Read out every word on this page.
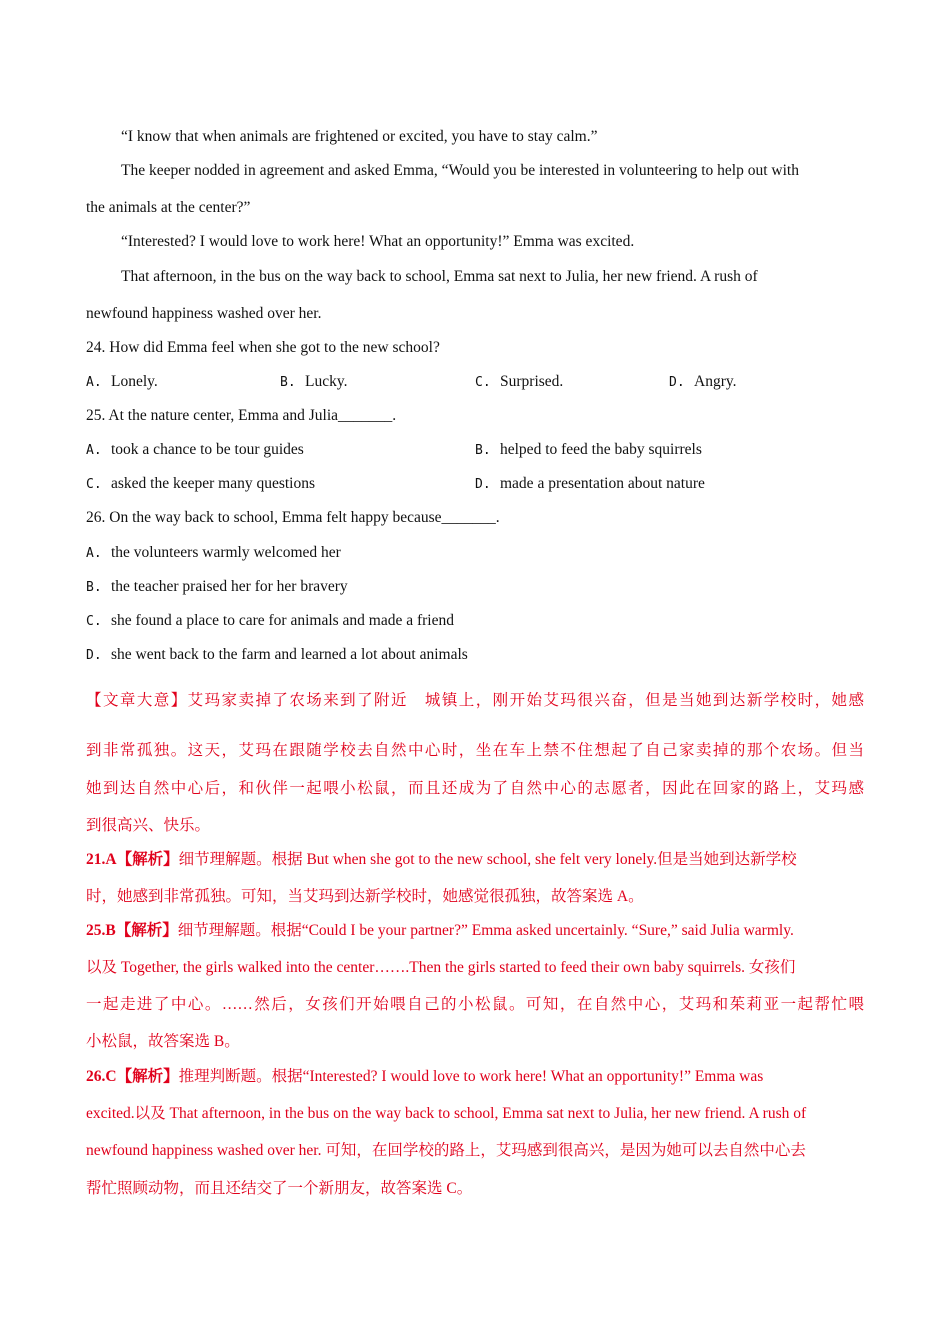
“I know that when animals are frightened or excited, you have to stay calm.”
The keeper nodded in agreement and asked Emma, “Would you be interested in volunteering to help out with
the animals at the center?”
“Interested? I would love to work here! What an opportunity!” Emma was excited.
That afternoon, in the bus on the way back to school, Emma sat next to Julia, her new friend. A rush of
newfound happiness washed over her.
24. How did Emma feel when she got to the new school?
A. Lonely.	B. Lucky.	C. Surprised.	D. Angry.
25. At the nature center, Emma and Julia_______.
A. took a chance to be tour guides	B. helped to feed the baby squirrels
C. asked the keeper many questions	D. made a presentation about nature
26. On the way back to school, Emma felt happy because_______.
A. the volunteers warmly welcomed her
B. the teacher praised her for her bravery
C. she found a place to care for animals and made a friend
D. she went back to the farm and learned a lot about animals
【文章大意】艾玛家卖掉了农场来到了附近　城镇上，刚开始艾玛很兴奋，但是当她到达新学校时，她感
到非常孤独。这天，艾玛在跟随学校去自然中心时，坐在车上禁不住想起了自己家卖掉的那个农场。但当
她到达自然中心后，和伙伴一起喂小松鼠，而且还成为了自然中心的志愿者，因此在回家的路上，艾玛感
到很高兴、快乐。
21.A【解析】细节理解题。根据 But when she got to the new school, she felt very lonely.但是当她到达新学校
时，她感到非常孤独。可知，当艾玛到达新学校时，她感觉很孤独，故答案选 A。
25.B【解析】细节理解题。根据“Could I be your partner?” Emma asked uncertainly. “Sure,” said Julia warmly.
以及 Together, the girls walked into the center…….Then the girls started to feed their own baby squirrels. 女孩们
一起走进了中心。……然后，女孩们开始喂自己的小松鼠。可知，在自然中心，艾玛和茱莉亚一起帮忙喂
小松鼠，故答案选 B。
26.C【解析】推理判断题。根据“Interested? I would love to work here! What an opportunity!” Emma was
excited.以及 That afternoon, in the bus on the way back to school, Emma sat next to Julia, her new friend. A rush of
newfound happiness washed over her. 可知，在回学校的路上，艾玛感到很高兴，是因为她可以去自然中心去
帮忙照顾动物，而且还结交了一个新朋友，故答案选 C。
